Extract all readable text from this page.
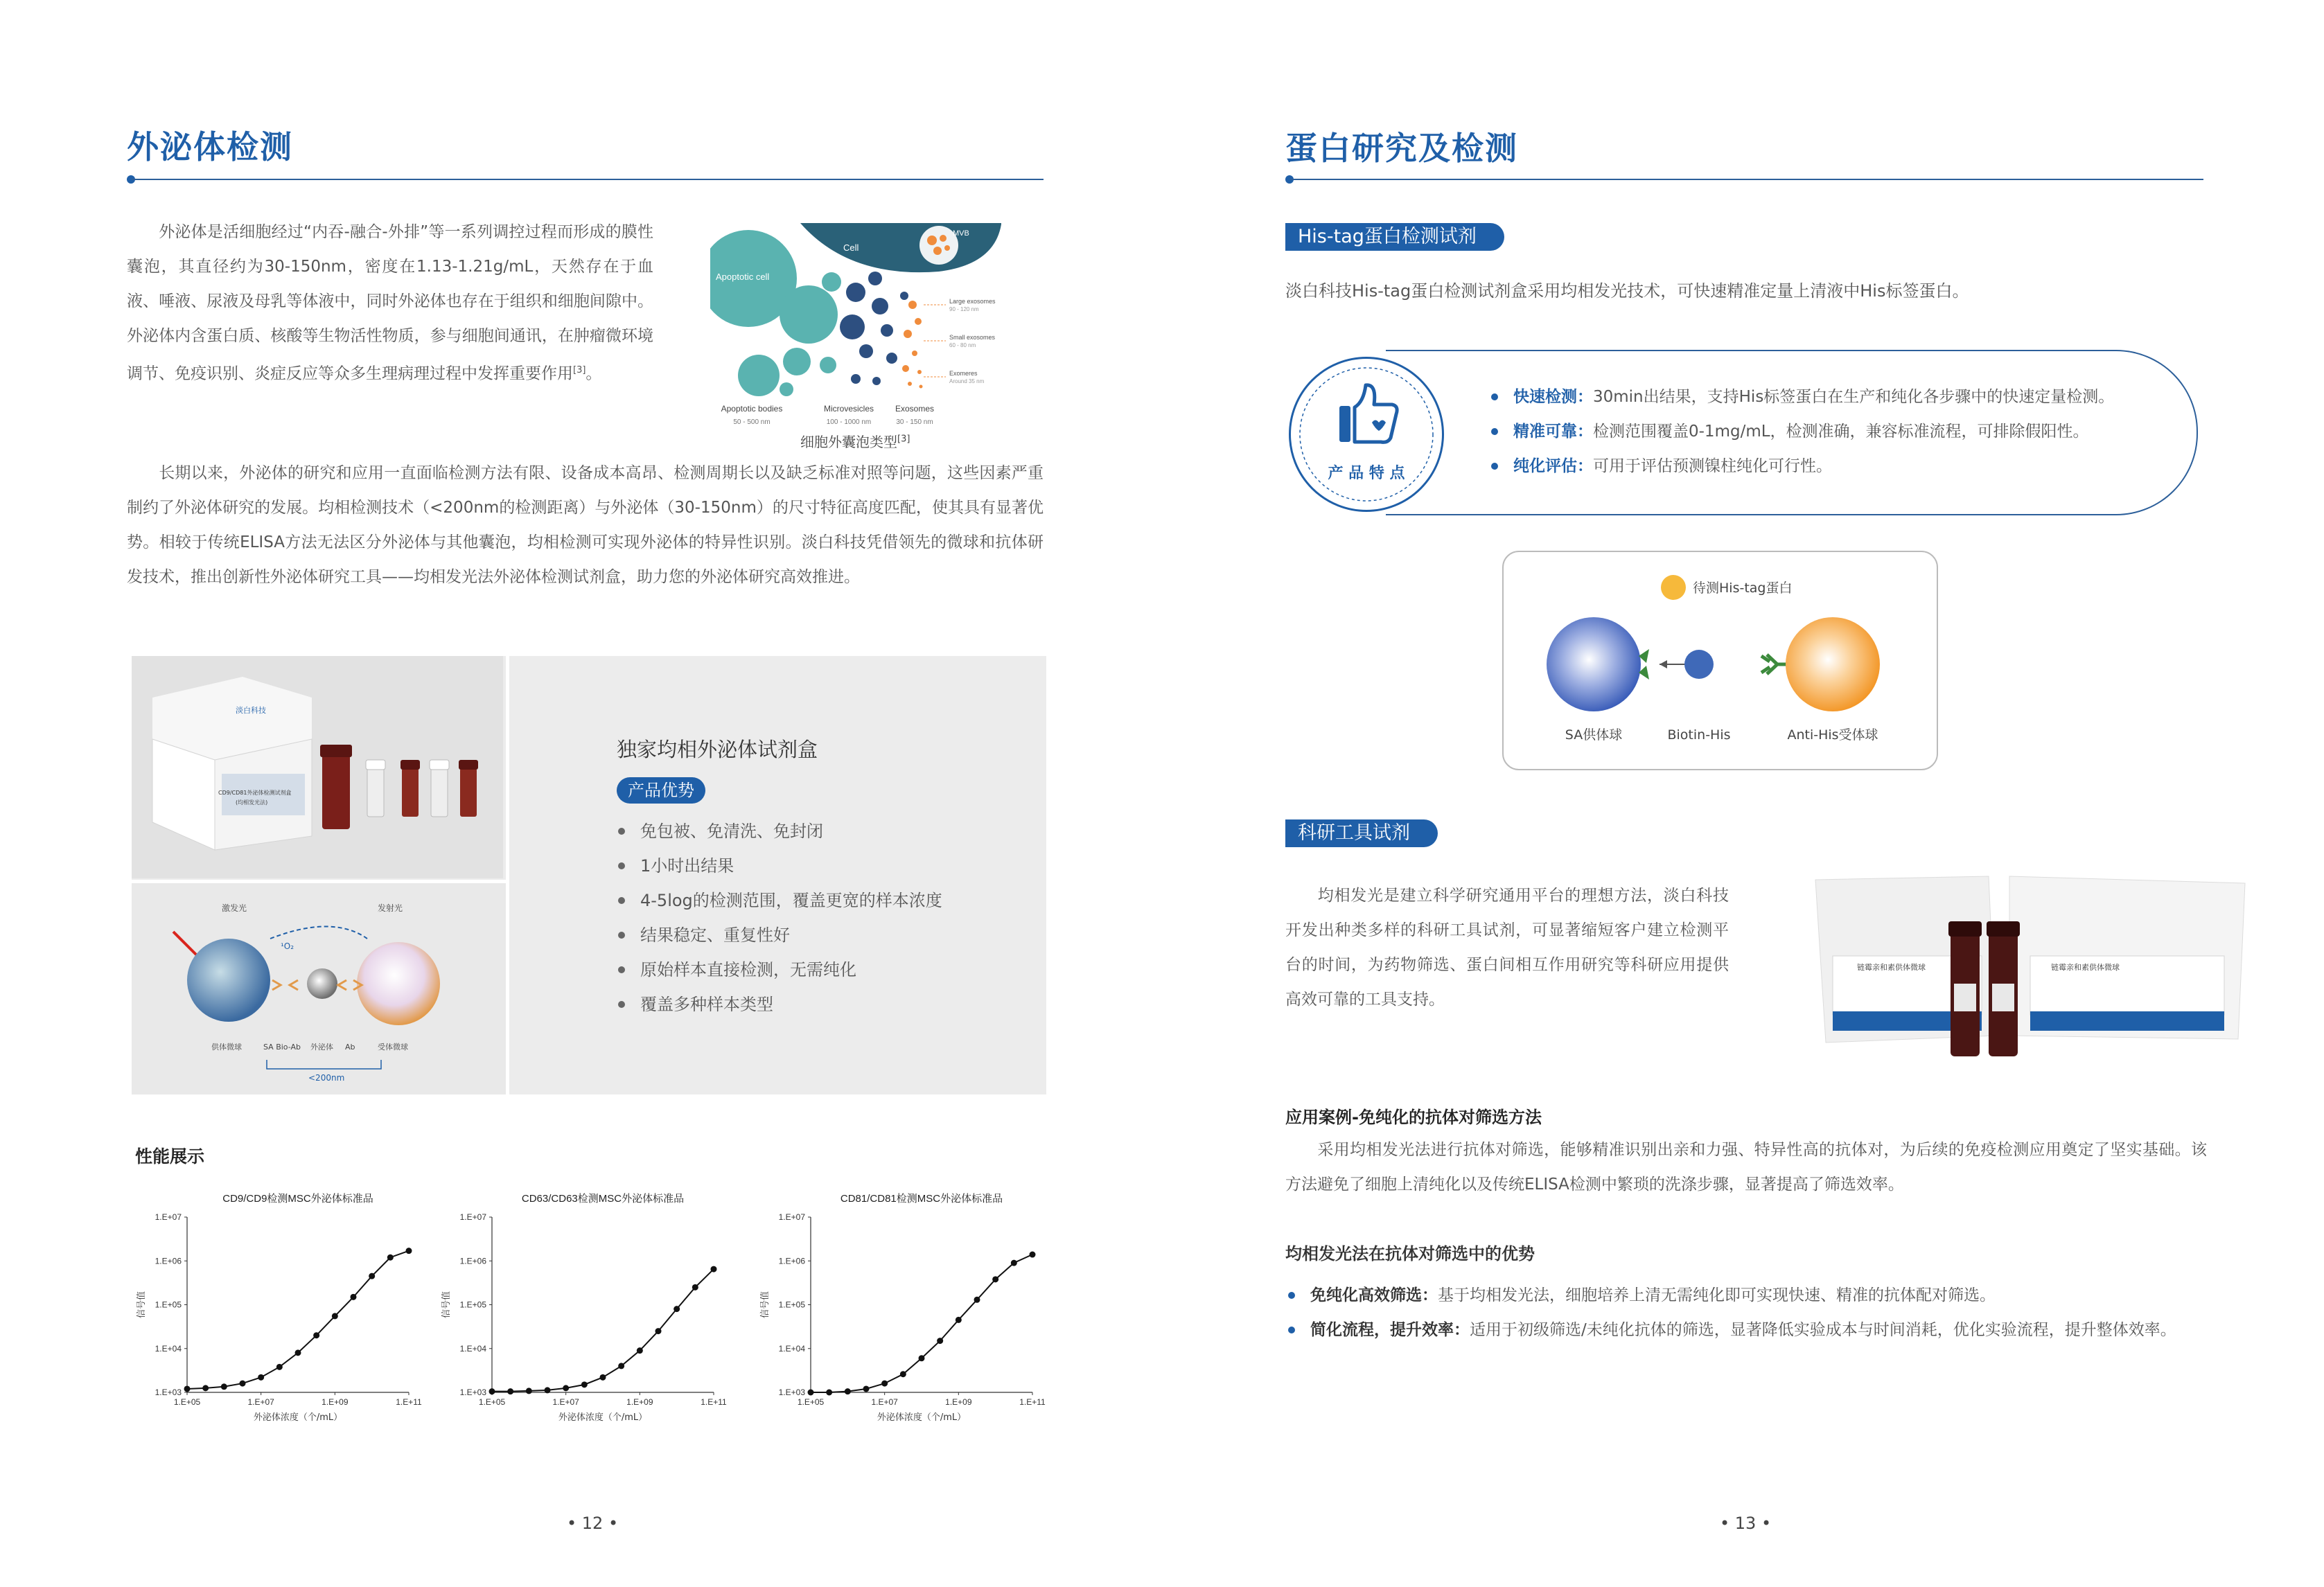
外泌体检测
外泌体是活细胞经过“内吞-融合-外排”等一系列调控过程而形成的膜性囊泡，其直径约为30-150nm，密度在1.13-1.21g/mL，天然存在于血液、唾液、尿液及母乳等体液中，同时外泌体也存在于组织和细胞间隙中。外泌体内含蛋白质、核酸等生物活性物质，参与细胞间通讯，在肿瘤微环境调节、免疫识别、炎症反应等众多生理病理过程中发挥重要作用[3]。
Cell
MVB
Apoptotic cell
Large exosomes
90 - 120 nm
Small exosomes
60 - 80 nm
Exomeres
Around 35 nm
Apoptotic bodies
50 - 500 nm
Microvesicles
100 - 1000 nm
Exosomes
30 - 150 nm
细胞外囊泡类型[3]
长期以来，外泌体的研究和应用一直面临检测方法有限、设备成本高昂、检测周期长以及缺乏标准对照等问题，这些因素严重制约了外泌体研究的发展。均相检测技术（<200nm的检测距离）与外泌体（30-150nm）的尺寸特征高度匹配，使其具有显著优势。相较于传统ELISA方法无法区分外泌体与其他囊泡，均相检测可实现外泌体的特异性识别。淡白科技凭借领先的微球和抗体研发技术，推出创新性外泌体研究工具——均相发光法外泌体检测试剂盒，助力您的外泌体研究高效推进。
淡白科技
CD9/CD81外泌体检测试剂盒
(均相发光法)
激发光	发射光
¹O₂
供体微球	SA Bio-Ab 外泌体 Ab	受体微球
<200nm
独家均相外泌体试剂盒
产品优势
免包被、免清洗、免封闭
1小时出结果
4-5log的检测范围，覆盖更宽的样本浓度
结果稳定、重复性好
原始样本直接检测，无需纯化
覆盖多种样本类型
性能展示
CD9/CD9检测MSC外泌体标准品
1.E+03
1.E+04
1.E+05
1.E+06
1.E+07
1.E+05	1.E+07	1.E+09	1.E+11
外泌体浓度（个/mL）
信号值
CD63/CD63检测MSC外泌体标准品
1.E+03
1.E+04
1.E+05
1.E+06
1.E+07
1.E+05	1.E+07	1.E+09	1.E+11
外泌体浓度（个/mL）
信号值
CD81/CD81检测MSC外泌体标准品
1.E+03
1.E+04
1.E+05
1.E+06
1.E+07
1.E+05	1.E+07	1.E+09	1.E+11
外泌体浓度（个/mL）
信号值
• 12 •
蛋白研究及检测
His-tag蛋白检测试剂
淡白科技His-tag蛋白检测试剂盒采用均相发光技术，可快速精准定量上清液中His标签蛋白。
产 品 特 点
快速检测：30min出结果，支持His标签蛋白在生产和纯化各步骤中的快速定量检测。
精准可靠：检测范围覆盖0-1mg/mL，检测准确，兼容标准流程，可排除假阳性。
纯化评估：可用于评估预测镍柱纯化可行性。
待测His-tag蛋白
SA供体球	Biotin-His	Anti-His受体球
科研工具试剂
均相发光是建立科学研究通用平台的理想方法，淡白科技开发出种类多样的科研工具试剂，可显著缩短客户建立检测平台的时间，为药物筛选、蛋白间相互作用研究等科研应用提供高效可靠的工具支持。
链霉亲和素供体微球	链霉亲和素供体微球
应用案例-免纯化的抗体对筛选方法
采用均相发光法进行抗体对筛选，能够精准识别出亲和力强、特异性高的抗体对，为后续的免疫检测应用奠定了坚实基础。该方法避免了细胞上清纯化以及传统ELISA检测中繁琐的洗涤步骤，显著提高了筛选效率。
均相发光法在抗体对筛选中的优势
免纯化高效筛选：基于均相发光法，细胞培养上清无需纯化即可实现快速、精准的抗体配对筛选。
简化流程，提升效率：适用于初级筛选/未纯化抗体的筛选，显著降低实验成本与时间消耗，优化实验流程，提升整体效率。
• 13 •
